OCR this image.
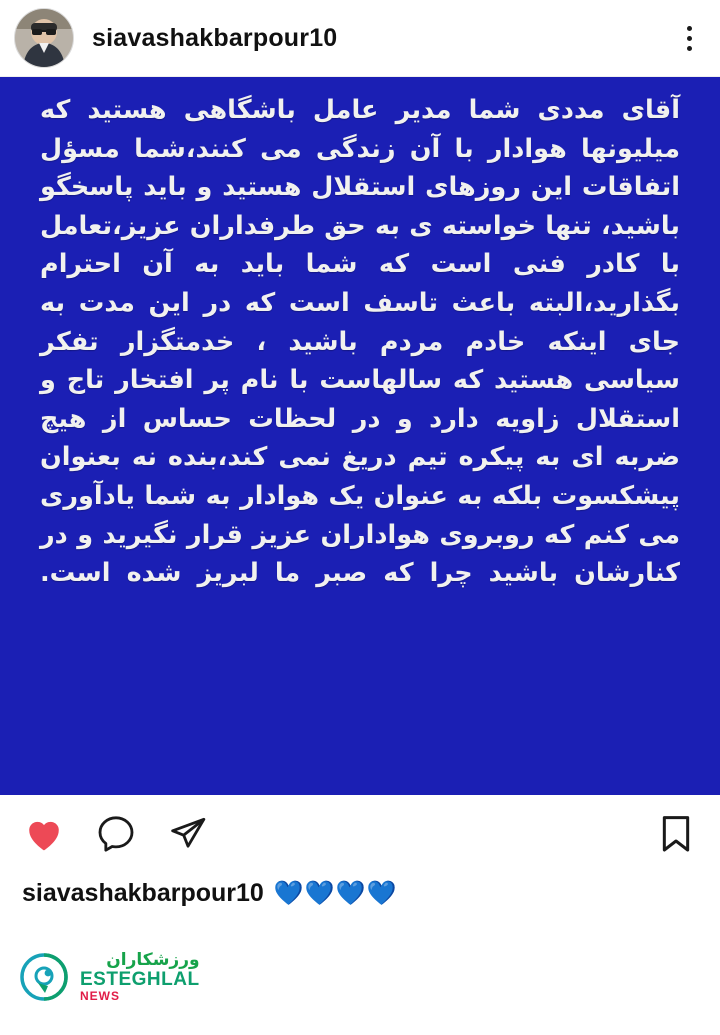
siavashakbarpour10
آقای مددی شما مدیر عامل باشگاهی هستید که میلیونها هوادار با آن زندگی می کنند،شما مسؤل اتفاقات این روزهای استقلال هستید و باید پاسخگو باشید، تنها خواسته ی به حق طرفداران عزیز،تعامل با کادر فنی است که شما باید به آن احترام بگذارید،البته باعث تاسف است که در این مدت به جای اینکه خادم مردم باشید ، خدمتگزار تفکر سیاسی هستید که سالهاست با نام پر افتخار تاج و استقلال زاویه دارد و در لحظات حساس از هیچ ضربه ای به پیکره تیم دریغ نمی کند،بنده نه بعنوان پیشکسوت بلکه به عنوان یک هوادار به شما یادآوری می کنم که روبروی هواداران عزیز قرار نگیرید و در کنارشان باشید چرا که صبر ما لبریز شده است.
siavashakbarpour10 💙💙💙💙
ورزشکاران
ESTEGHLAL
NEWS
